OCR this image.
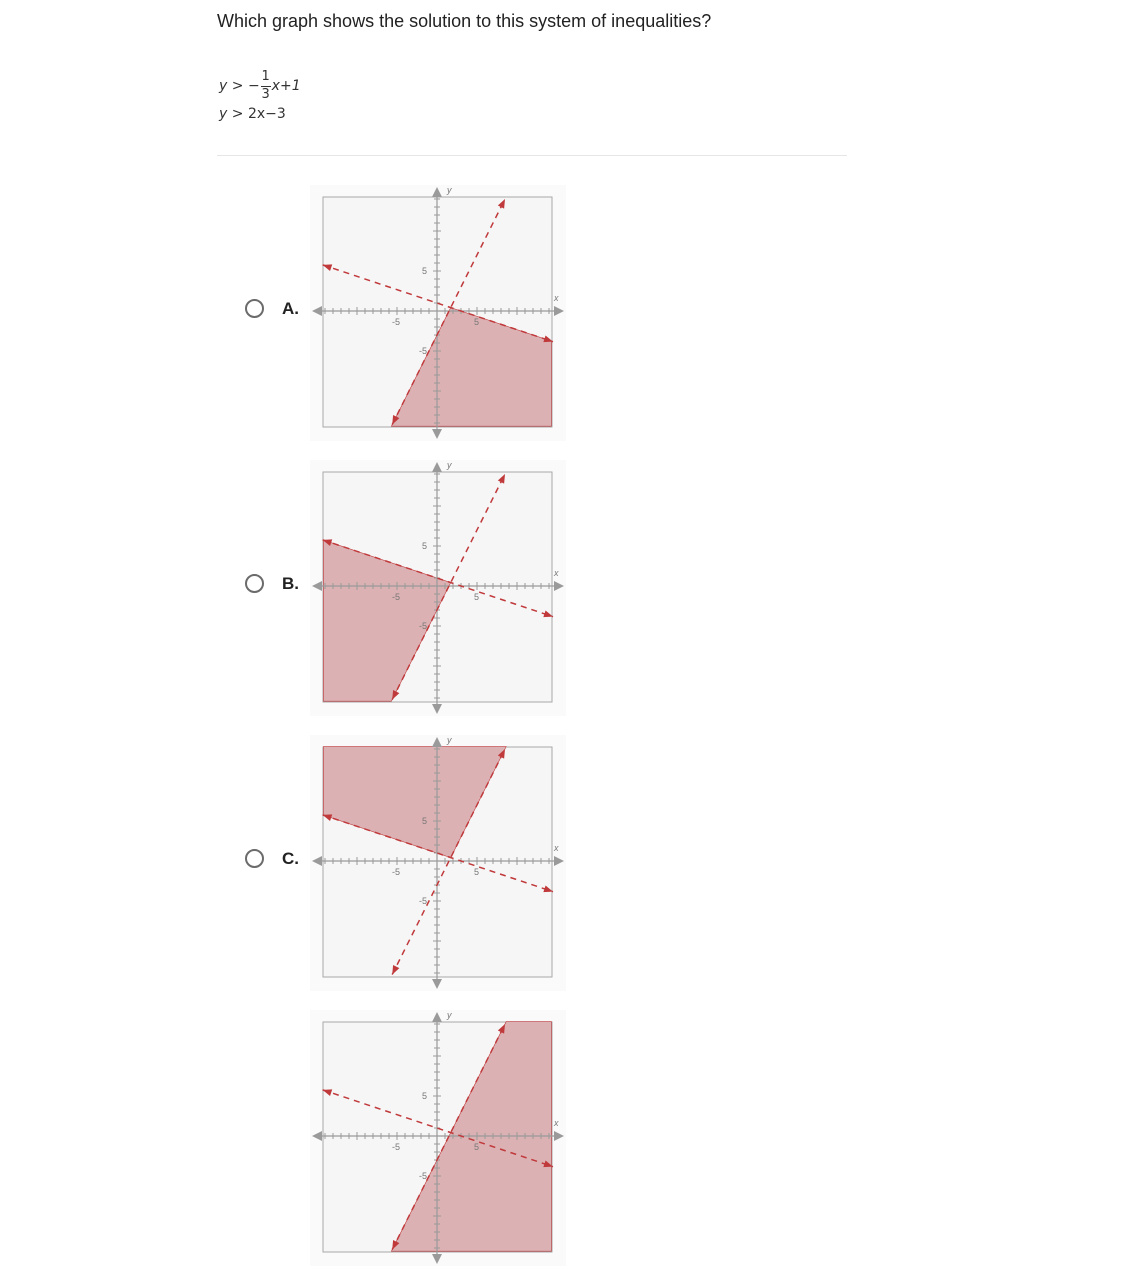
Which graph shows the solution to this system of inequalities?
y > − $\frac{1}{3} x+1$
y > 2x−3
A.
-5	5
5
-5
x
y
B.
-5	5
5
-5
x
y
C.
-5	5
5
-5
x
y
-5	5
5
-5
x
y
